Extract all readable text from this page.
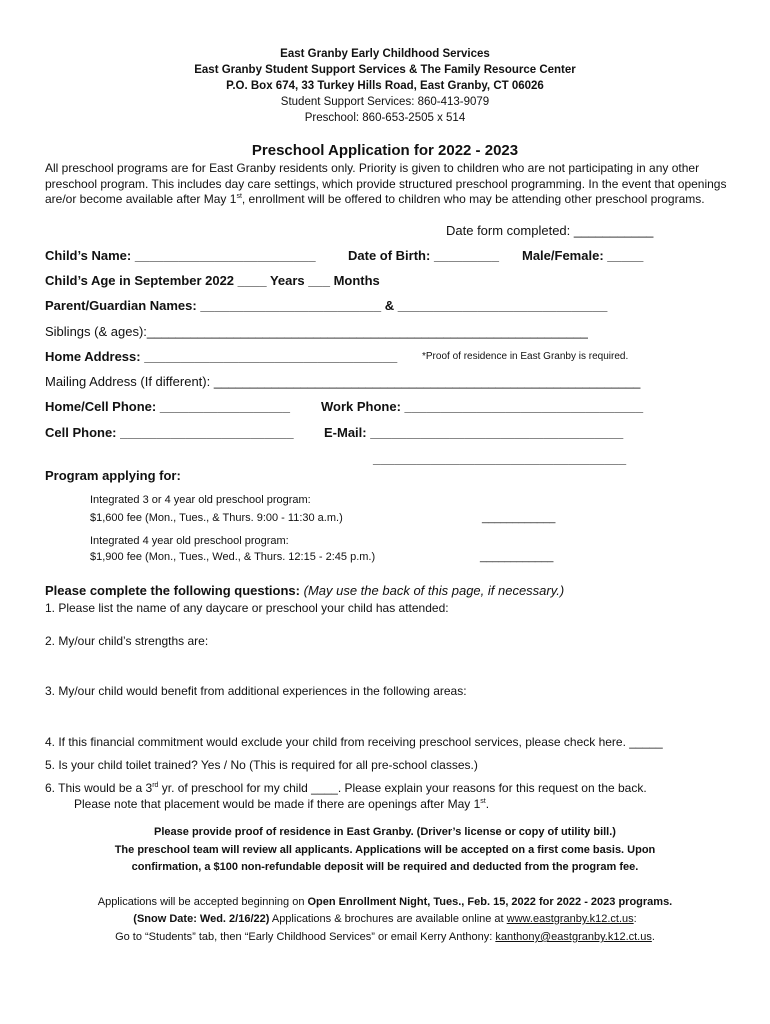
East Granby Early Childhood Services
East Granby Student Support Services & The Family Resource Center
P.O. Box 674, 33 Turkey Hills Road, East Granby, CT 06026
Student Support Services: 860-413-9079
Preschool: 860-653-2505 x 514
Preschool Application for 2022 - 2023
All preschool programs are for East Granby residents only. Priority is given to children who are not participating in any other preschool program. This includes day care settings, which provide structured preschool programming. In the event that openings are/or become available after May 1st, enrollment will be offered to children who may be attending other preschool programs.
Date form completed: ___________
Child’s Name: _________________________ Date of Birth: _________ Male/Female: _____
Child’s Age in September 2022 ____ Years ___ Months
Parent/Guardian Names: _________________________ & _____________________________
Siblings (& ages):_____________________________________________________________
Home Address: ___________________________________ *Proof of residence in East Granby is required.
Mailing Address (If different): ___________________________________________________________
Home/Cell Phone: __________________ Work Phone: _________________________________
Cell Phone: ________________________ E-Mail: ___________________________________
___________________________________
Program applying for:
Integrated 3 or 4 year old preschool program:
$1,600 fee (Mon., Tues., & Thurs. 9:00 - 11:30 a.m.)	____________
Integrated 4 year old preschool program:
$1,900 fee (Mon., Tues., Wed., & Thurs. 12:15 - 2:45 p.m.)	____________
Please complete the following questions: (May use the back of this page, if necessary.)
1. Please list the name of any daycare or preschool your child has attended:
2. My/our child’s strengths are:
3. My/our child would benefit from additional experiences in the following areas:
4. If this financial commitment would exclude your child from receiving preschool services, please check here. _____
5. Is your child toilet trained? Yes / No (This is required for all pre-school classes.)
6. This would be a 3rd yr. of preschool for my child ____. Please explain your reasons for this request on the back.
Please note that placement would be made if there are openings after May 1st.
Please provide proof of residence in East Granby. (Driver’s license or copy of utility bill.)
The preschool team will review all applicants. Applications will be accepted on a first come basis. Upon
confirmation, a $100 non-refundable deposit will be required and deducted from the program fee.
Applications will be accepted beginning on Open Enrollment Night, Tues., Feb. 15, 2022 for 2022 - 2023 programs.
(Snow Date: Wed. 2/16/22) Applications & brochures are available online at www.eastgranby.k12.ct.us:
Go to “Students” tab, then “Early Childhood Services” or email Kerry Anthony: kanthony@eastgranby.k12.ct.us.
